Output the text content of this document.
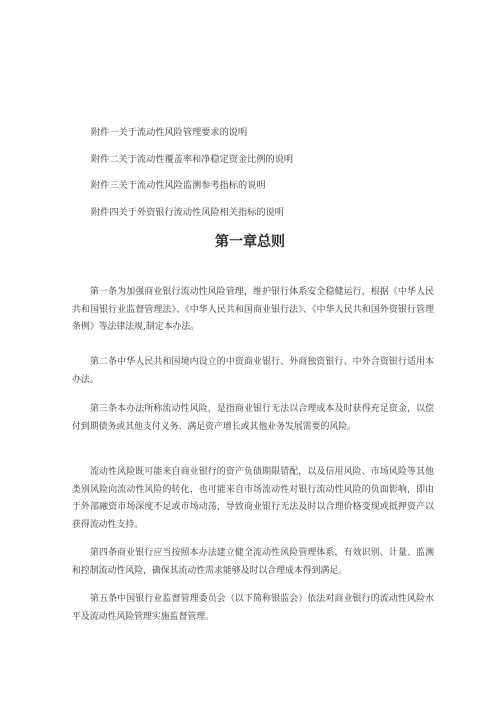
附件一关于流动性风险管理要求的说明
附件二关于流动性覆盖率和净稳定资金比例的说明
附件三关于流动性风险监测参考指标的说明
附件四关于外资银行流动性风险相关指标的说明
第一章总则

第一条为加强商业银行流动性风险管理，维护银行体系安全稳健运行，根据《中华人民共和国银行业监督管理法》、《中华人民共和国商业银行法》、《中华人民共和国外资银行管理条例》等法律法规,制定本办法。

第二条中华人民共和国境内设立的中资商业银行、外商独资银行、中外合资银行适用本办法。

第三条本办法所称流动性风险，是指商业银行无法以合理成本及时获得充足资金，以偿付到期债务或其他支付义务、满足资产增长或其他业务发展需要的风险。

流动性风险既可能来自商业银行的资产负债期限错配，以及信用风险、市场风险等其他类别风险向流动性风险的转化，也可能来自市场流动性对银行流动性风险的负面影响，即由于外部融资市场深度不足或市场动荡，导致商业银行无法及时以合理价格变现或抵押资产以获得流动性支持。

第四条商业银行应当按照本办法建立健全流动性风险管理体系，有效识别、计量、监测和控制流动性风险，确保其流动性需求能够及时以合理成本得到满足。

第五条中国银行业监督管理委员会（以下简称银监会）依法对商业银行的流动性风险水平及流动性风险管理实施监督管理。
